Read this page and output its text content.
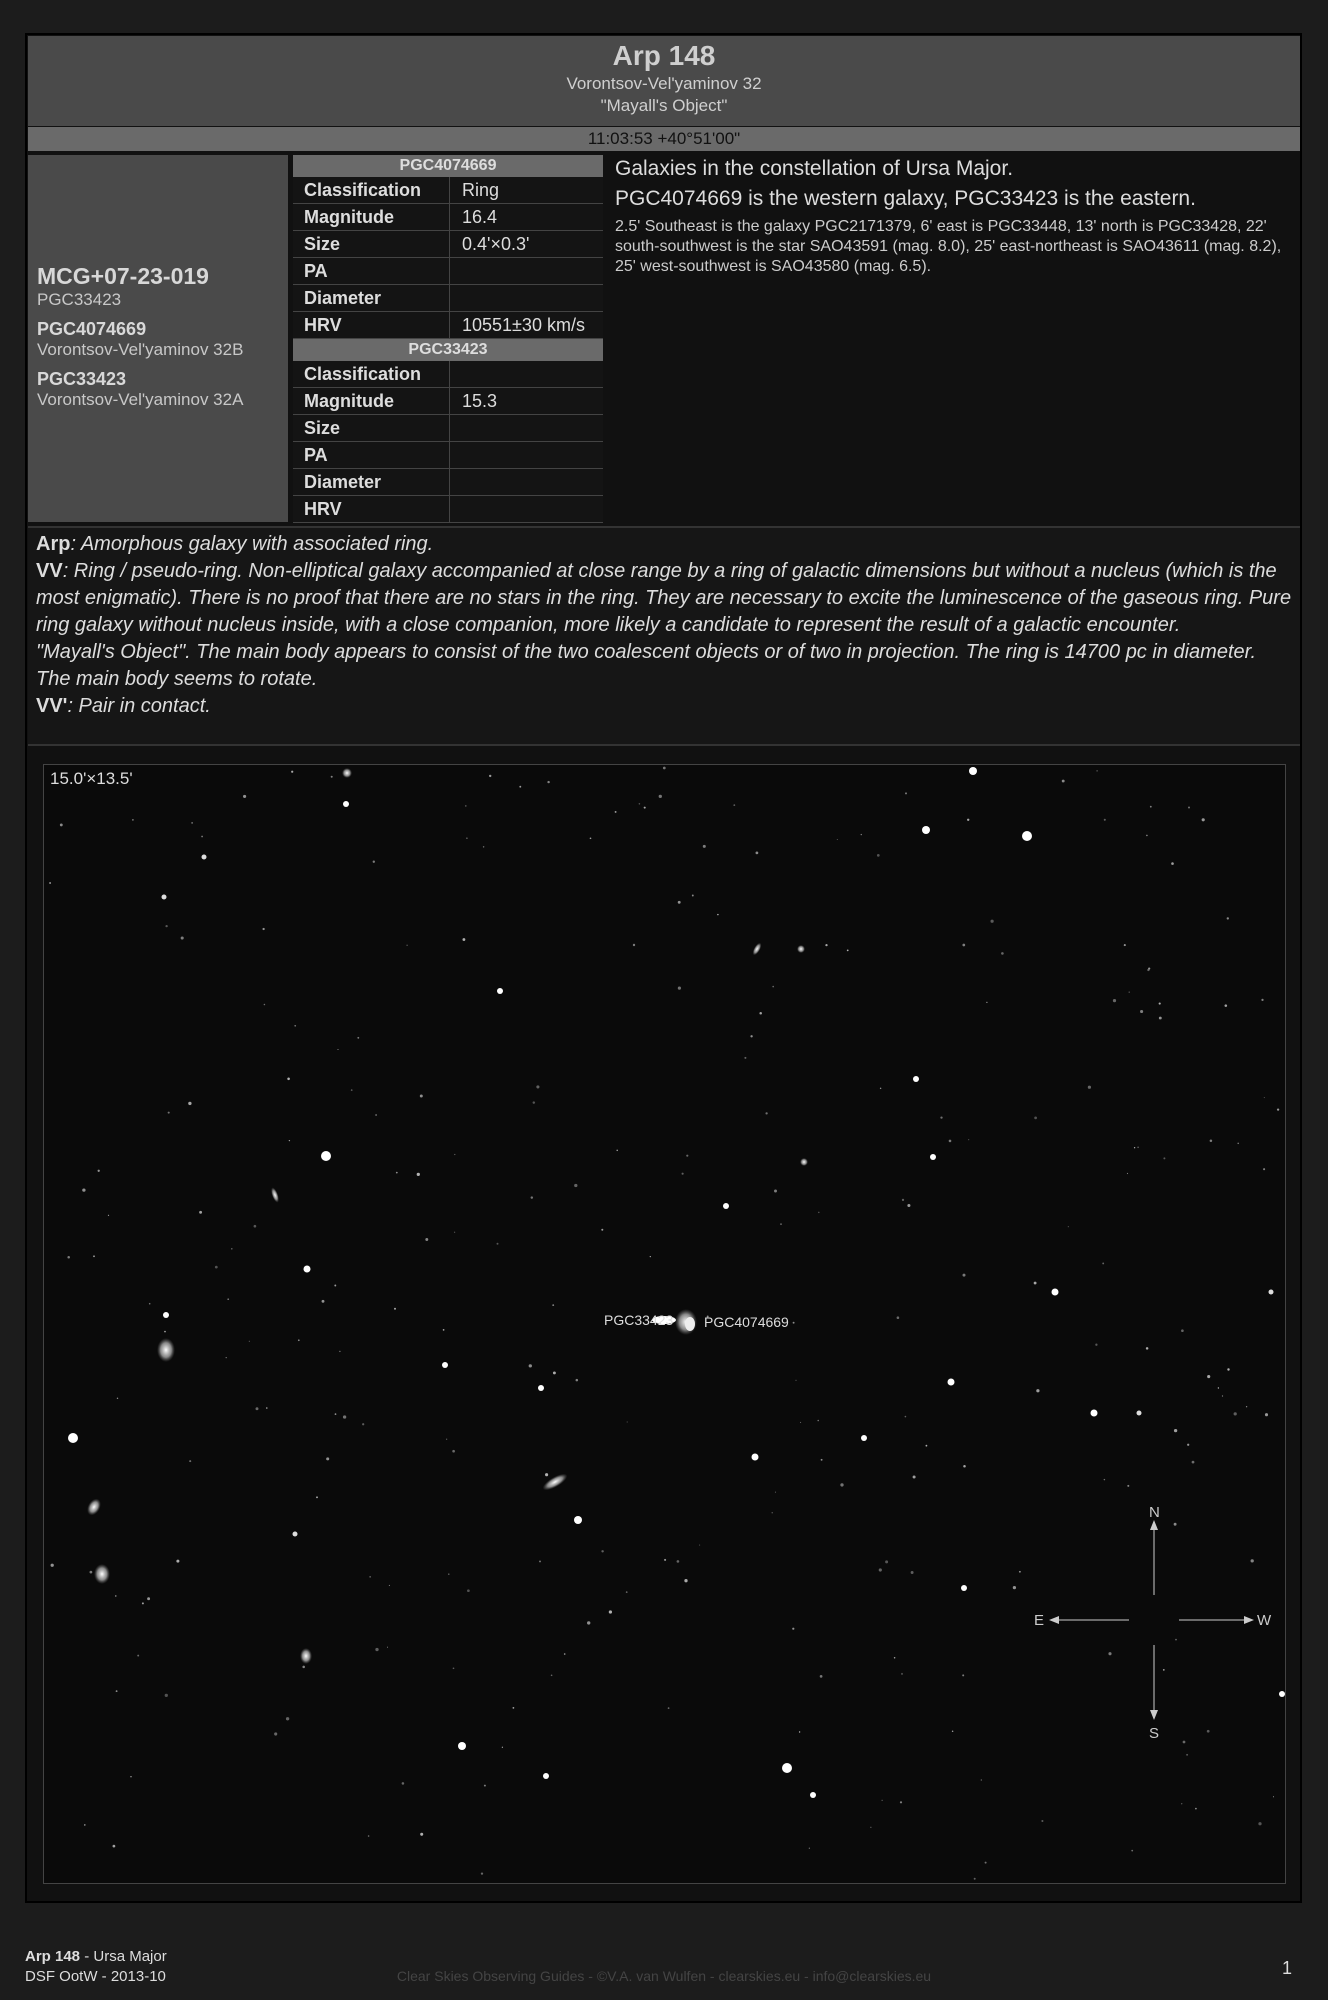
Arp 148
Vorontsov-Vel'yaminov 32
"Mayall's Object"
11:03:53 +40°51'00"
MCG+07-23-019
PGC33423
PGC4074669
Vorontsov-Vel'yaminov 32B
PGC33423
Vorontsov-Vel'yaminov 32A
PGC4074669
Classification	Ring
Magnitude	16.4
Size	0.4'×0.3'
PA
Diameter
HRV	10551±30 km/s
PGC33423
Classification
Magnitude	15.3
Size
PA
Diameter
HRV
Galaxies in the constellation of Ursa Major.
PGC4074669 is the western galaxy, PGC33423 is the eastern.
2.5' Southeast is the galaxy PGC2171379, 6' east is PGC33448, 13' north is PGC33428, 22' south-southwest is the star SAO43591 (mag. 8.0), 25' east-northeast is SAO43611 (mag. 8.2), 25' west-southwest is SAO43580 (mag. 6.5).
Arp: Amorphous galaxy with associated ring.
VV: Ring / pseudo-ring. Non-elliptical galaxy accompanied at close range by a ring of galactic dimensions but without a nucleus (which is the most enigmatic). There is no proof that there are no stars in the ring. They are necessary to excite the luminescence of the gaseous ring. Pure ring galaxy without nucleus inside, with a close companion, more likely a candidate to represent the result of a galactic encounter.
"Mayall's Object". The main body appears to consist of the two coalescent objects or of two in projection. The ring is 14700 pc in diameter. The main body seems to rotate.
VV': Pair in contact.
PGC33423 PGC4074669
N
S
E	W
15.0'×13.5'
Arp 148 - Ursa Major
DSF OotW - 2013-10	Clear Skies Observing Guides - ©V.A. van Wulfen - clearskies.eu - info@clearskies.eu	1
